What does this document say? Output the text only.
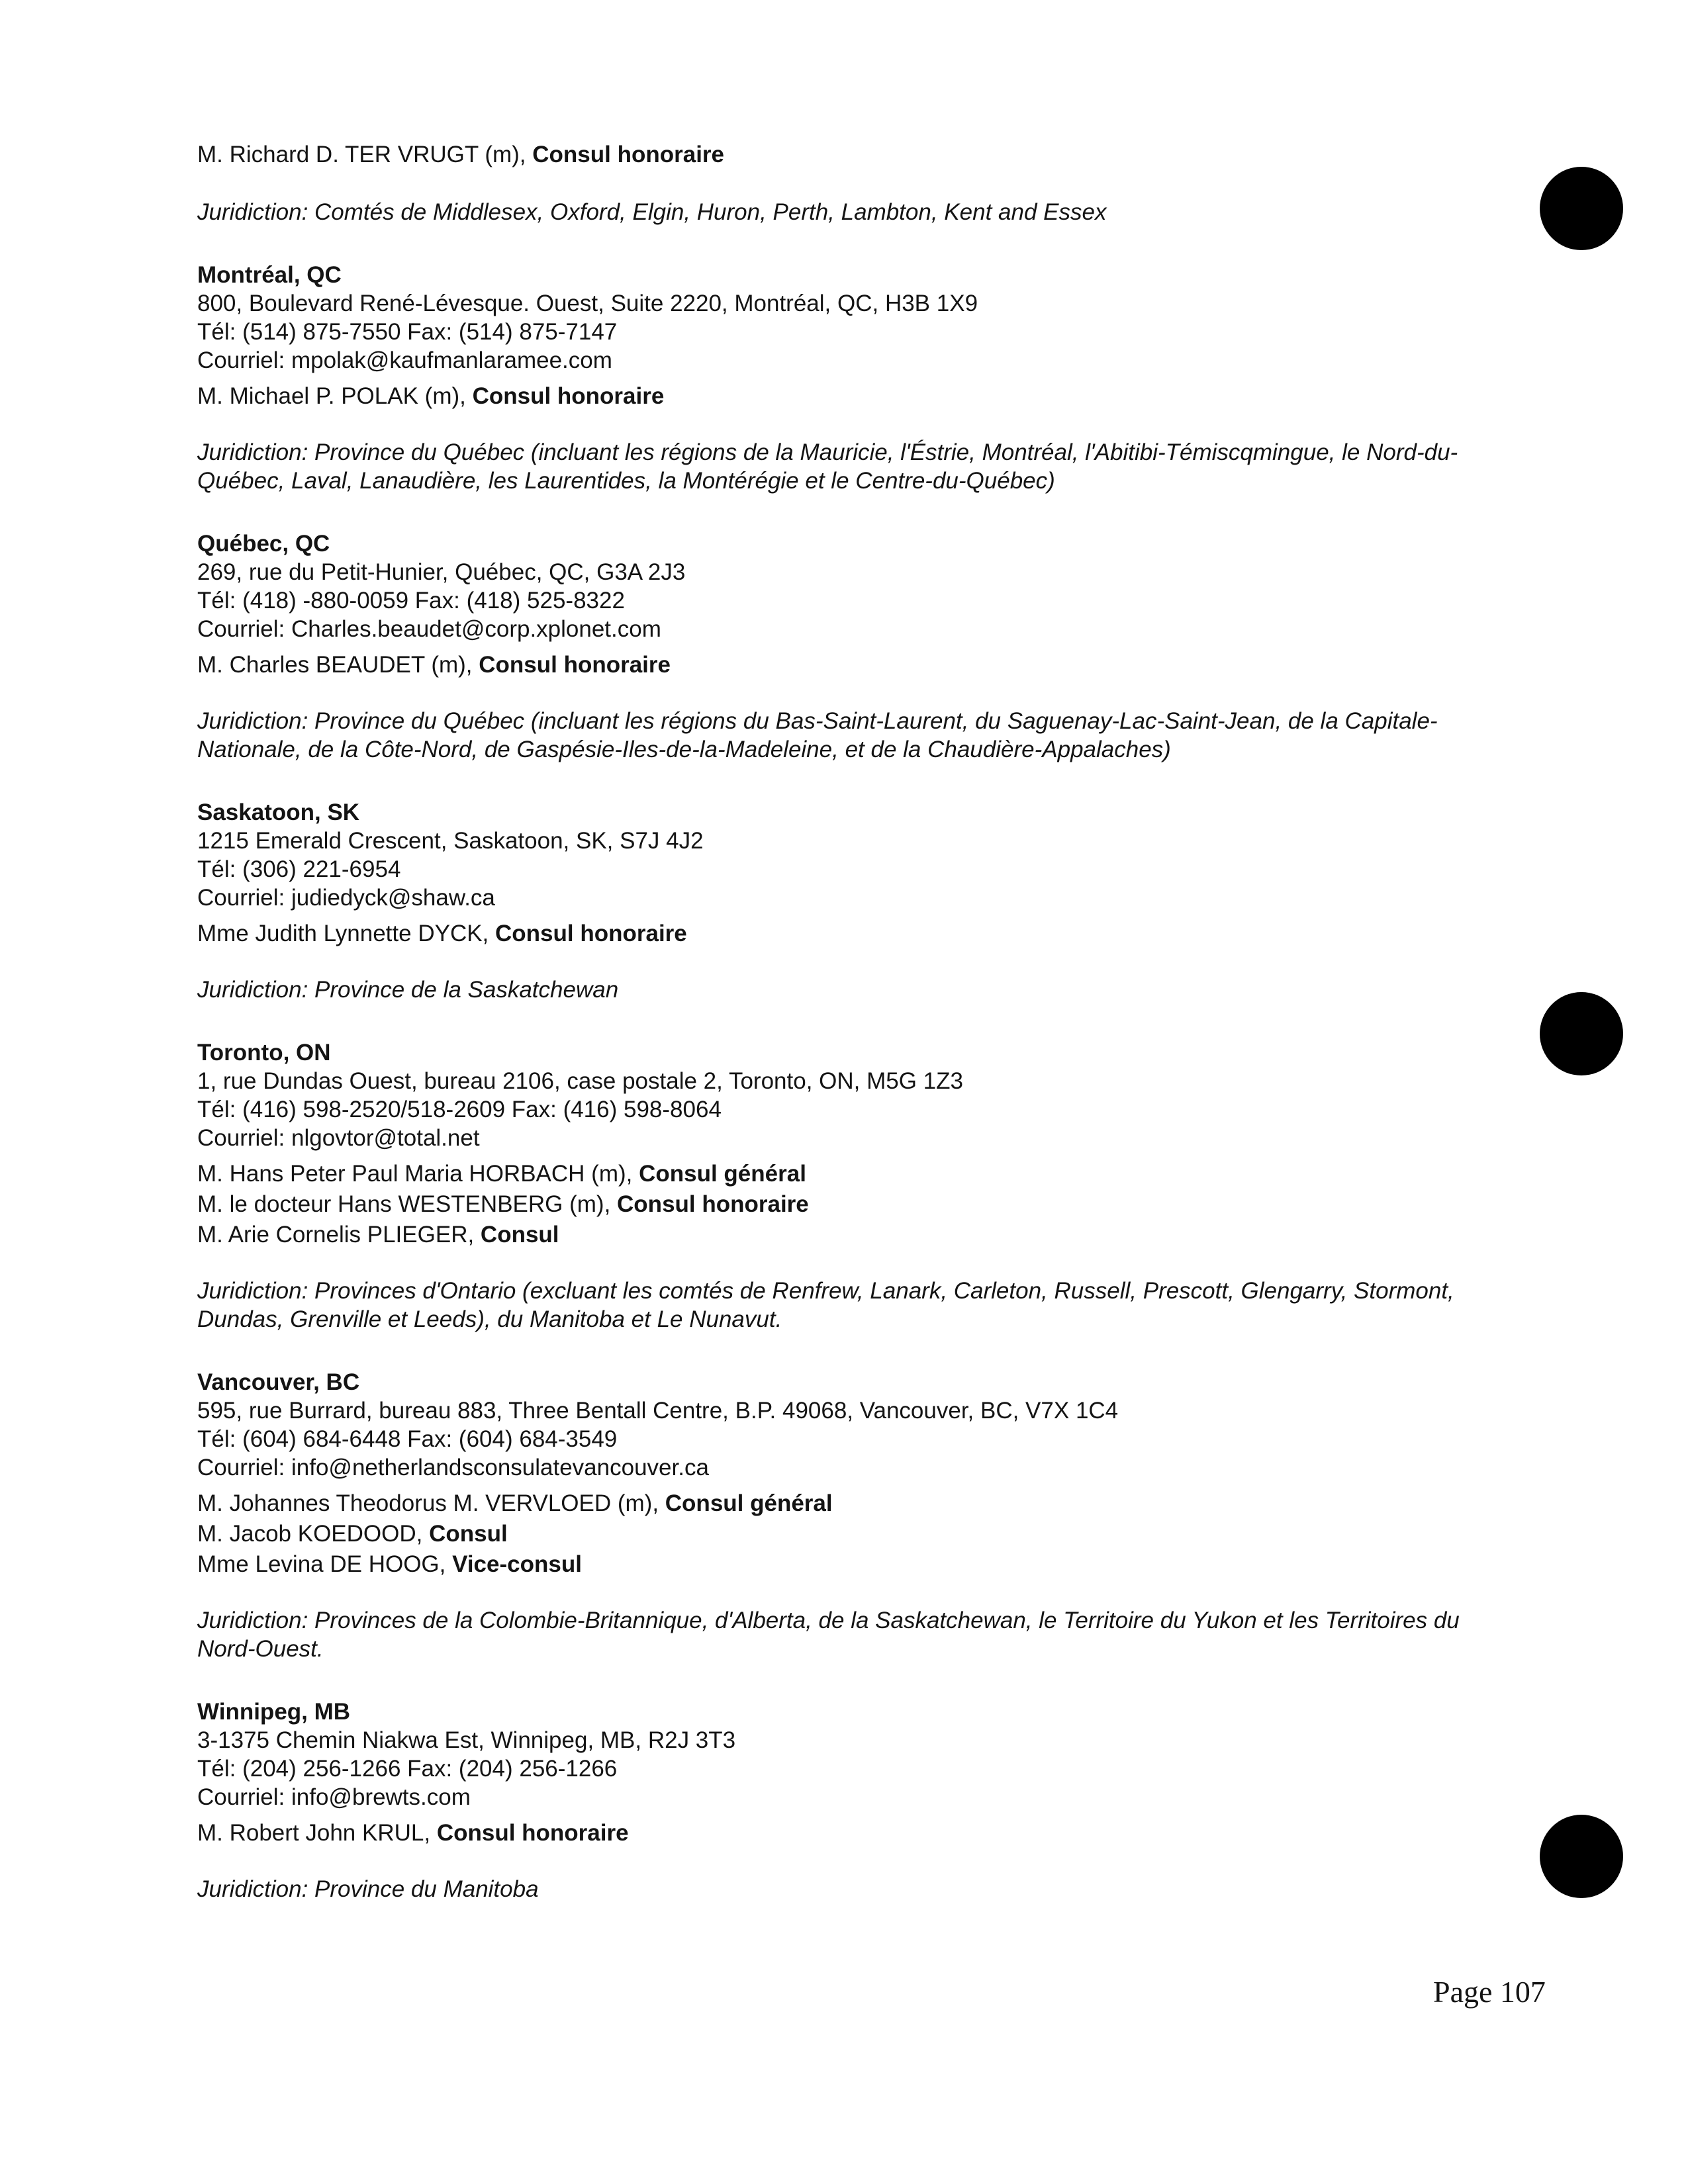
M. Richard D. TER VRUGT (m), Consul honoraire
Juridiction: Comtés de Middlesex, Oxford, Elgin, Huron, Perth, Lambton, Kent and Essex
Montréal, QC
800, Boulevard René-Lévesque. Ouest, Suite 2220, Montréal, QC, H3B 1X9
Tél: (514) 875-7550 Fax: (514) 875-7147
Courriel: mpolak@kaufmanlaramee.com
M. Michael P. POLAK (m), Consul honoraire
Juridiction: Province du Québec (incluant les régions de la Mauricie, l'Éstrie, Montréal, l'Abitibi-Témiscqmingue, le Nord-du-Québec, Laval, Lanaudière, les Laurentides, la Montérégie et le Centre-du-Québec)
Québec, QC
269, rue du Petit-Hunier, Québec, QC, G3A 2J3
Tél: (418) -880-0059 Fax: (418) 525-8322
Courriel: Charles.beaudet@corp.xplonet.com
M. Charles BEAUDET (m), Consul honoraire
Juridiction: Province du Québec (incluant les régions du Bas-Saint-Laurent, du Saguenay-Lac-Saint-Jean, de la Capitale-Nationale, de la Côte-Nord, de Gaspésie-Iles-de-la-Madeleine, et de la Chaudière-Appalaches)
Saskatoon, SK
1215 Emerald Crescent, Saskatoon, SK, S7J 4J2
Tél: (306) 221-6954
Courriel: judiedyck@shaw.ca
Mme Judith Lynnette DYCK, Consul honoraire
Juridiction: Province de la Saskatchewan
Toronto, ON
1, rue Dundas Ouest, bureau 2106, case postale 2, Toronto, ON, M5G 1Z3
Tél: (416) 598-2520/518-2609 Fax: (416) 598-8064
Courriel: nlgovtor@total.net
M. Hans Peter Paul Maria HORBACH (m), Consul général
M. le docteur Hans WESTENBERG (m), Consul honoraire
M. Arie Cornelis PLIEGER, Consul
Juridiction: Provinces d'Ontario (excluant les comtés de Renfrew, Lanark, Carleton, Russell, Prescott, Glengarry, Stormont, Dundas, Grenville et Leeds), du Manitoba et Le Nunavut.
Vancouver, BC
595, rue Burrard, bureau 883, Three Bentall Centre, B.P. 49068, Vancouver, BC, V7X 1C4
Tél: (604) 684-6448 Fax: (604) 684-3549
Courriel: info@netherlandsconsulatevancouver.ca
M. Johannes Theodorus M. VERVLOED (m), Consul général
M. Jacob KOEDOOD, Consul
Mme Levina DE HOOG, Vice-consul
Juridiction: Provinces de la Colombie-Britannique, d'Alberta, de la Saskatchewan, le Territoire du Yukon et les Territoires du Nord-Ouest.
Winnipeg, MB
3-1375 Chemin Niakwa Est, Winnipeg, MB, R2J 3T3
Tél: (204) 256-1266 Fax: (204) 256-1266
Courriel: info@brewts.com
M. Robert John KRUL, Consul honoraire
Juridiction: Province du Manitoba
Page 107
